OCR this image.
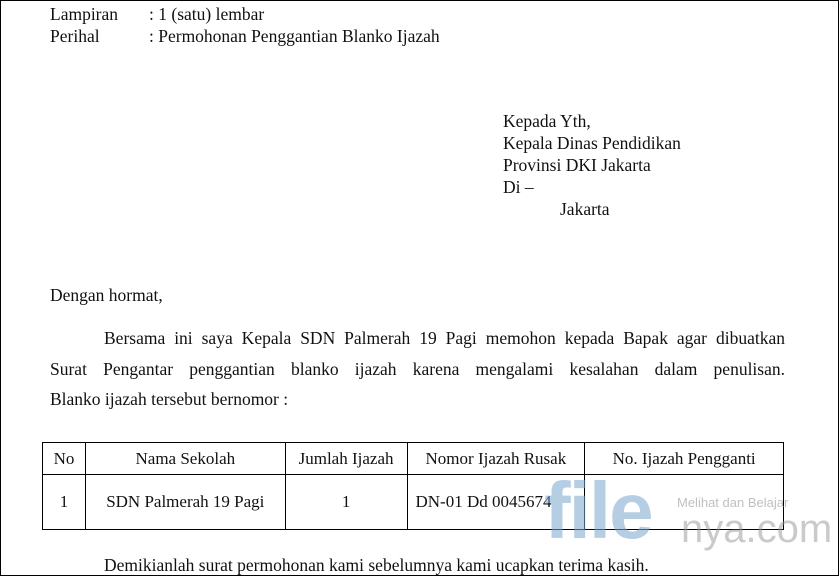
Lampiran : 1 (satu) lembar
Perihal	: Permohonan Penggantian Blanko Ijazah
Kepada Yth,
Kepala Dinas Pendidikan
Provinsi DKI Jakarta
Di –
Jakarta
Dengan hormat,
Bersama ini saya Kepala SDN Palmerah 19 Pagi memohon kepada Bapak agar dibuatkan
Surat Pengantar penggantian blanko ijazah karena mengalami kesalahan dalam penulisan.
Blanko ijazah tersebut bernomor :
No	Nama Sekolah	Jumlah Ijazah	Nomor Ijazah Rusak	No. Ijazah Pengganti
1	SDN Palmerah 19 Pagi	1	DN-01 Dd 0045674	
Demikianlah surat permohonan kami sebelumnya kami ucapkan terima kasih.
file Melihat dan Belajar
nya.com
